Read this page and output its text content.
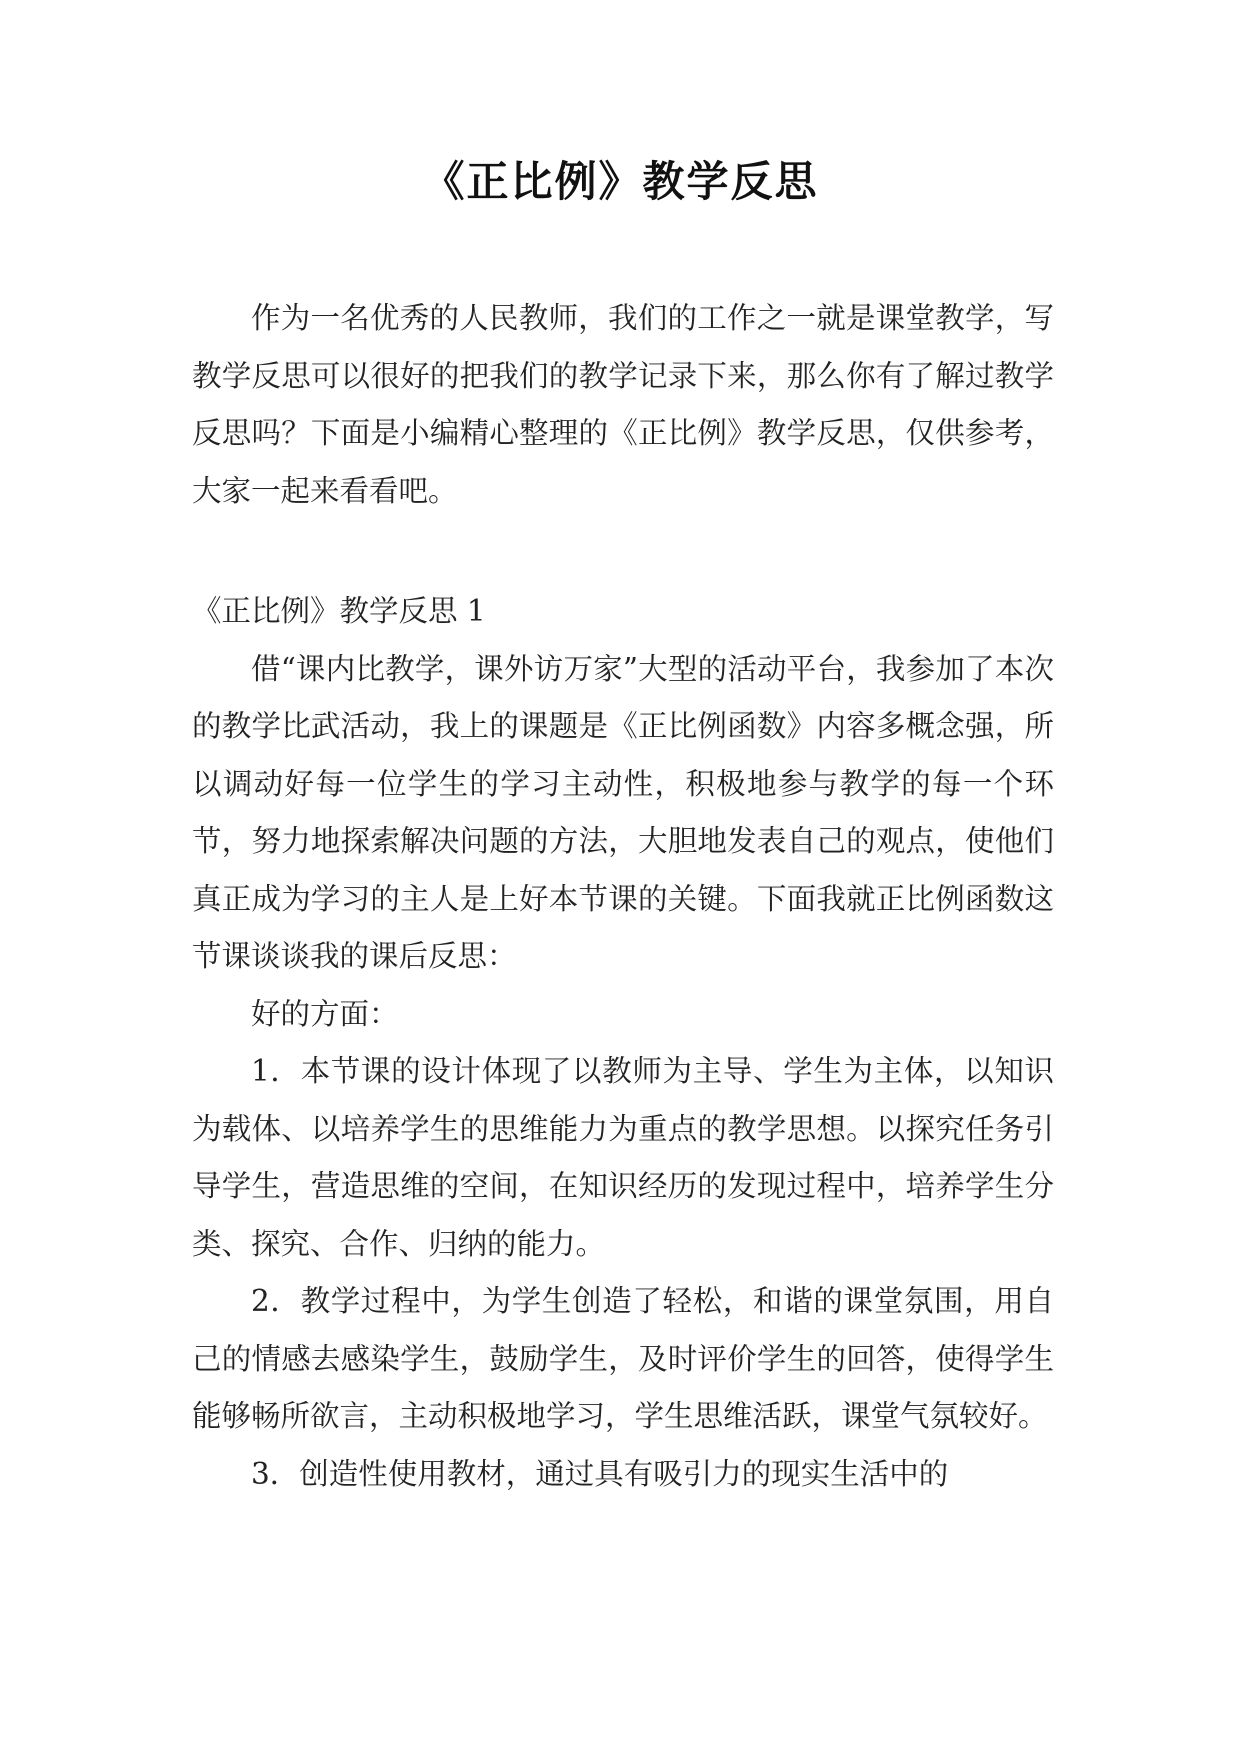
《正比例》教学反思

作为一名优秀的人民教师，我们的工作之一就是课堂教学，写教学反思可以很好的把我们的教学记录下来，那么你有了解过教学反思吗？下面是小编精心整理的《正比例》教学反思，仅供参考，大家一起来看看吧。

《正比例》教学反思 1

借“课内比教学，课外访万家”大型的活动平台，我参加了本次的教学比武活动，我上的课题是《正比例函数》内容多概念强，所以调动好每一位学生的学习主动性，积极地参与教学的每一个环节，努力地探索解决问题的方法，大胆地发表自己的观点，使他们真正成为学习的主人是上好本节课的关键。下面我就正比例函数这节课谈谈我的课后反思：

好的方面：

1．本节课的设计体现了以教师为主导、学生为主体，以知识为载体、以培养学生的思维能力为重点的教学思想。以探究任务引导学生，营造思维的空间，在知识经历的发现过程中，培养学生分类、探究、合作、归纳的能力。

2．教学过程中，为学生创造了轻松，和谐的课堂氛围，用自己的情感去感染学生，鼓励学生，及时评价学生的回答，使得学生能够畅所欲言，主动积极地学习，学生思维活跃，课堂气氛较好。

3．创造性使用教材，通过具有吸引力的现实生活中的
